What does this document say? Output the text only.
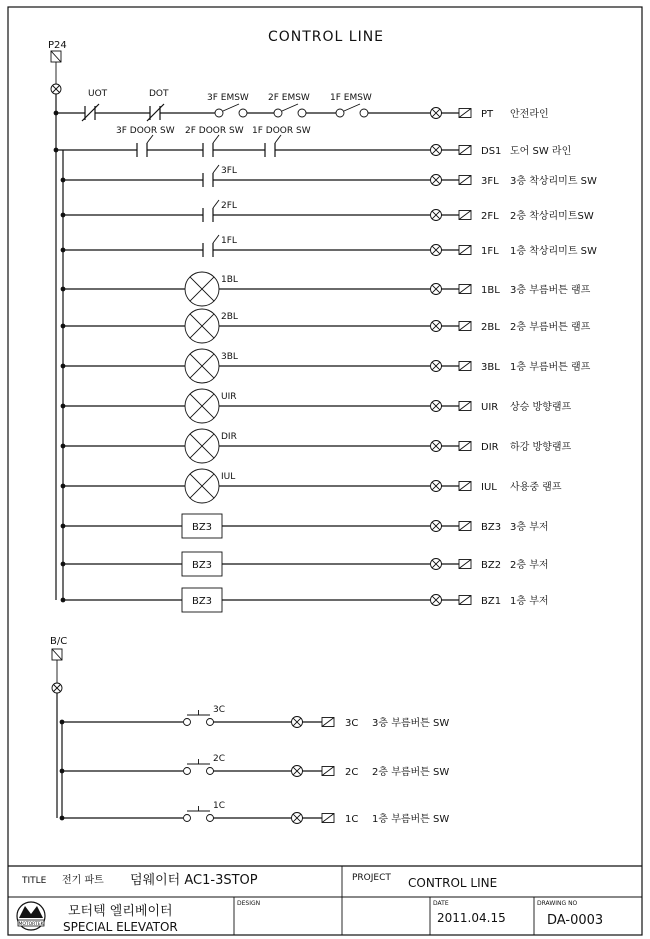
CONTROL LINE
P24
UOT	DOT	3F EMSW 2F EMSW 1F EMSW
3F DOOR SW 2F DOOR SW 1F DOOR SW
3FL
2FL
1FL
1BL
2BL
3BL
UIR
DIR
IUL
BZ3
BZ3
BZ3
PT 안전라인
DS1 도어 SW 라인
3FL 3층 착상리미트 SW
2FL 2층 착상리미트SW
1FL 1층 착상리미트 SW
1BL 3층 부름버튼 램프
2BL 2층 부름버튼 램프
3BL 1층 부름버튼 램프
UIR 상승 방향램프
DIR 하강 방향램프
IUL 사용중 램프
BZ3 3층 부저
BZ2 2층 부저
BZ1 1층 부저
B/C
3C
3C 3층 부름버튼 SW
2C
2C 2층 부름버튼 SW
1C
1C 1층 부름버튼 SW
TITLE 전기 파트 덤웨이터 AC1-3STOP	PROJECT CONTROL LINE
MOTORTEK
모터텍 엘리베이터
SPECIAL ELEVATOR
DESIGN	DATE
2011.04.15
DRAWING NO
DA-0003
